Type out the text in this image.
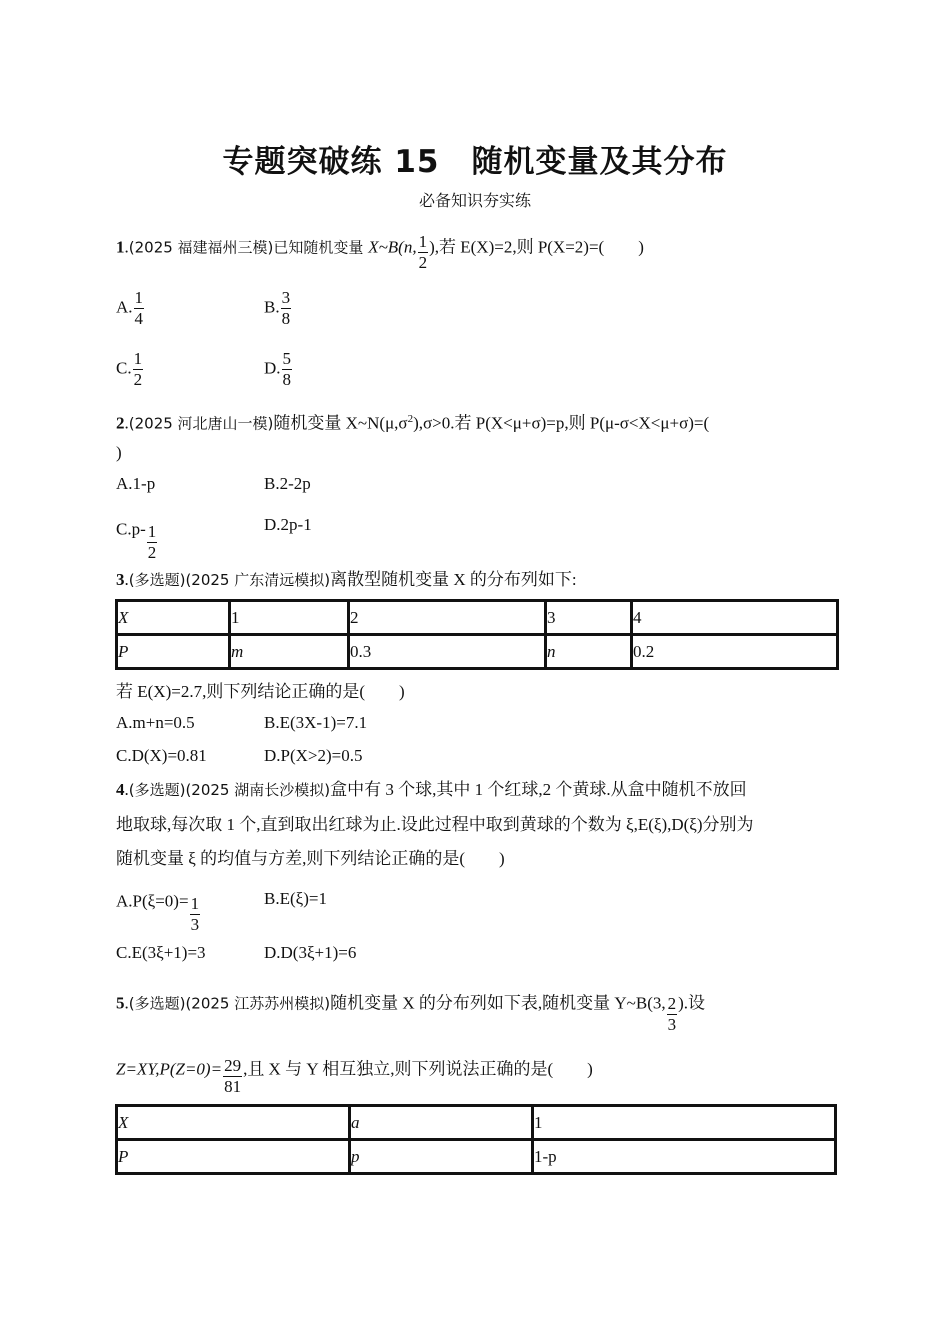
专题突破练 15　随机变量及其分布
必备知识夯实练
1.(2025 福建福州三模)已知随机变量 X~B(n, $\frac{1}{2}$ ),若 E(X)=2,则 P(X=2)=(　　)
A. $\frac{1}{4}$	B. $\frac{3}{8}$
C. $\frac{1}{2}$	D. $\frac{5}{8}$
2.(2025 河北唐山一模)随机变量 $X\sim N(\mu,\sigma^2),\sigma>0$.若 P(X<μ+σ)=p,则 P(μ-σ<X<μ+σ)=(
)
A.1-p	B.2-2p
$C.p- \frac{1}{2}$	D.2p-1
3.(多选题)(2025 广东清远模拟)离散型随机变量 X 的分布列如下:
X	1	2	3	4
P	m	0.3	n	0.2
若 E(X)=2.7,则下列结论正确的是(　　)
A.m+n=0.5	B.E(3X-1)=7.1
C.D(X)=0.81	D.P(X>2)=0.5
4.(多选题)(2025 湖南长沙模拟)盒中有 3 个球,其中 1 个红球,2 个黄球.从盒中随机不放回
地取球,每次取 1 个,直到取出红球为止.设此过程中取到黄球的个数为 ξ,E(ξ),D(ξ)分别为
随机变量 ξ 的均值与方差,则下列结论正确的是(　　)
$A.P(\xi=0)= \frac{1}{3}$	B.E(ξ)=1
C.E(3ξ+1)=3	D.D(3ξ+1)=6
5.(多选题)(2025 江苏苏州模拟)随机变量 X 的分布列如下表,随机变量 Y~B(3, $\frac{2}{3}$ ).设
$Z=XY,P(Z=0)= \frac{29}{81}$ ,且 X 与 Y 相互独立,则下列说法正确的是(　　)
X	a	1
P	p	1-p
